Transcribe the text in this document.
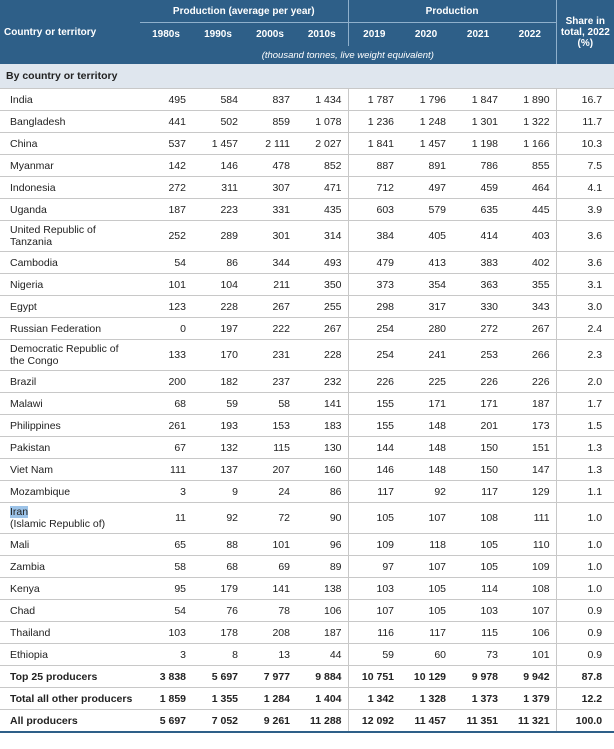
Country or territory	Production (average per year)				Production				Share in total, 2022 (%)
	1980s	1990s	2000s	2010s	2019	2020	2021	2022	
	(thousand tonnes, live weight equivalent)								
By country or territory									
India	495	584	837	1 434	1 787	1 796	1 847	1 890	16.7
Bangladesh	441	502	859	1 078	1 236	1 248	1 301	1 322	11.7
China	537	1 457	2 111	2 027	1 841	1 457	1 198	1 166	10.3
Myanmar	142	146	478	852	887	891	786	855	7.5
Indonesia	272	311	307	471	712	497	459	464	4.1
Uganda	187	223	331	435	603	579	635	445	3.9
United Republic of Tanzania	252	289	301	314	384	405	414	403	3.6
Cambodia	54	86	344	493	479	413	383	402	3.6
Nigeria	101	104	211	350	373	354	363	355	3.1
Egypt	123	228	267	255	298	317	330	343	3.0
Russian Federation	0	197	222	267	254	280	272	267	2.4
Democratic Republic of the Congo	133	170	231	228	254	241	253	266	2.3
Brazil	200	182	237	232	226	225	226	226	2.0
Malawi	68	59	58	141	155	171	171	187	1.7
Philippines	261	193	153	183	155	148	201	173	1.5
Pakistan	67	132	115	130	144	148	150	151	1.3
Viet Nam	111	137	207	160	146	148	150	147	1.3
Mozambique	3	9	24	86	117	92	117	129	1.1
Iran
(Islamic Republic of)	11	92	72	90	105	107	108	111	1.0
Mali	65	88	101	96	109	118	105	110	1.0
Zambia	58	68	69	89	97	107	105	109	1.0
Kenya	95	179	141	138	103	105	114	108	1.0
Chad	54	76	78	106	107	105	103	107	0.9
Thailand	103	178	208	187	116	117	115	106	0.9
Ethiopia	3	8	13	44	59	60	73	101	0.9
Top 25 producers	3 838	5 697	7 977	9 884	10 751	10 129	9 978	9 942	87.8
Total all other producers	1 859	1 355	1 284	1 404	1 342	1 328	1 373	1 379	12.2
All producers	5 697	7 052	9 261	11 288	12 092	11 457	11 351	11 321	100.0
